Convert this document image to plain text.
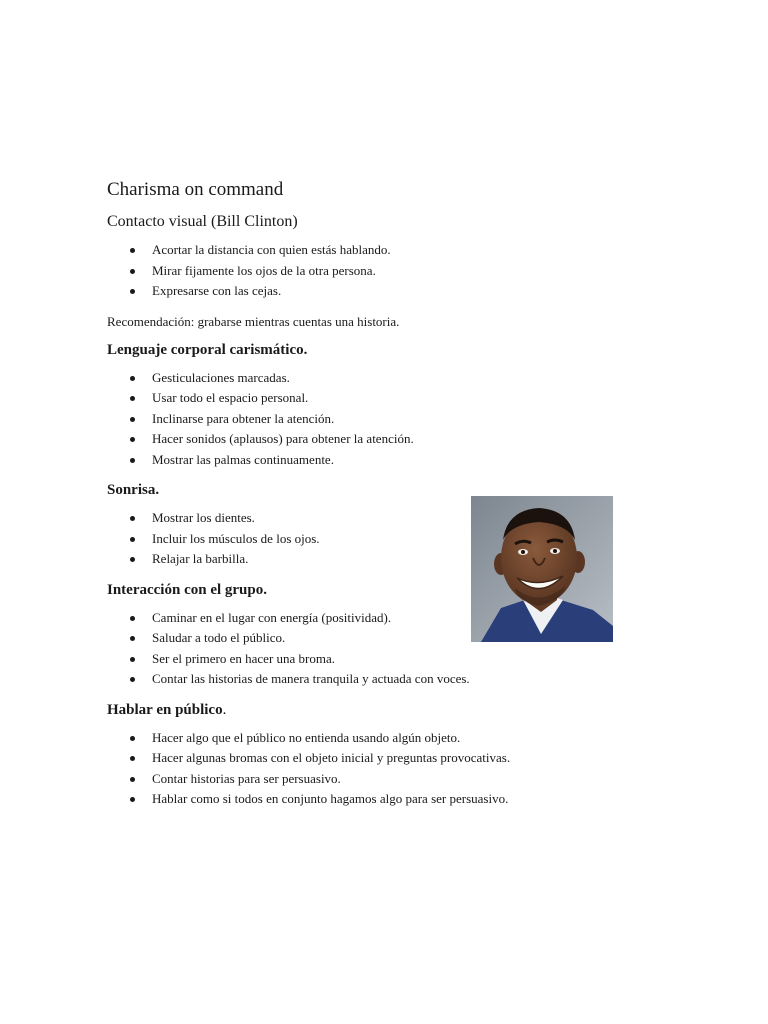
Charisma on command
Contacto visual (Bill Clinton)
Acortar la distancia con quien estás hablando.
Mirar fijamente los ojos de la otra persona.
Expresarse con las cejas.

Recomendación: grabarse mientras cuentas una historia.

Lenguaje corporal carismático.
Gesticulaciones marcadas.
Usar todo el espacio personal.
Inclinarse para obtener la atención.
Hacer sonidos (aplausos) para obtener la atención.
Mostrar las palmas continuamente.
Sonrisa.
Mostrar los dientes.
Incluir los músculos de los ojos.
Relajar la barbilla.
Interacción con el grupo.
Caminar en el lugar con energía (positividad).
Saludar a todo el público.
Ser el primero en hacer una broma.
Contar las historias de manera tranquila y actuada con voces.
Hablar en público.
Hacer algo que el público no entienda usando algún objeto.
Hacer algunas bromas con el objeto inicial y preguntas provocativas.
Contar historias para ser persuasivo.
Hablar como si todos en conjunto hagamos algo para ser persuasivo.
